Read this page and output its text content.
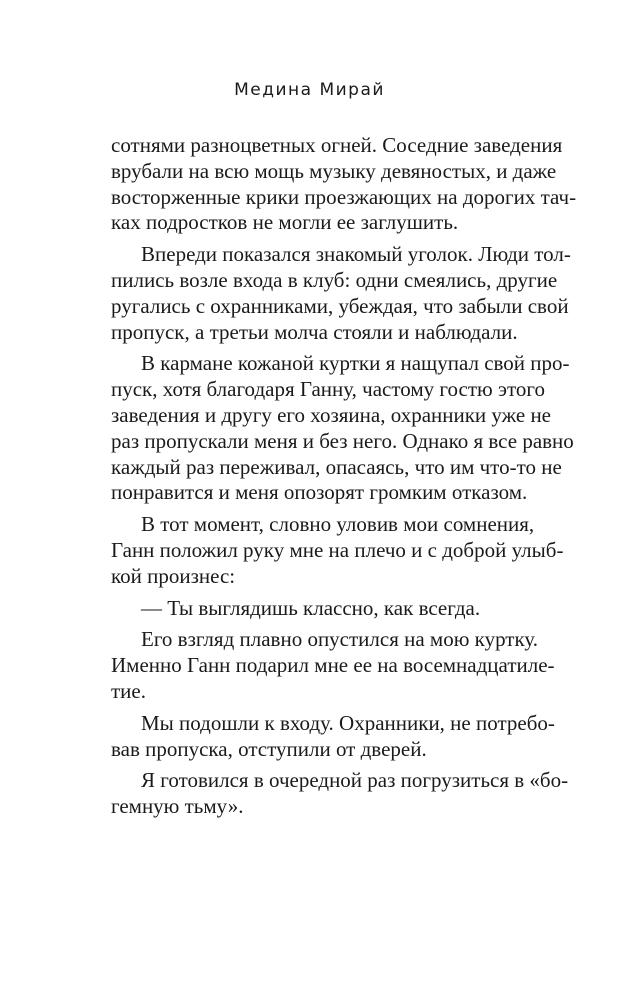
Медина Мирай
сотнями разноцветных огней. Соседние заведения
врубали на всю мощь музыку девяностых, и даже
восторженные крики проезжающих на дорогих тач-
ках подростков не могли ее заглушить.
Впереди показался знакомый уголок. Люди тол-
пились возле входа в клуб: одни смеялись, другие
ругались с охранниками, убеждая, что забыли свой
пропуск, а третьи молча стояли и наблюдали.
В кармане кожаной куртки я нащупал свой про-
пуск, хотя благодаря Ганну, частому гостю этого
заведения и другу его хозяина, охранники уже не
раз пропускали меня и без него. Однако я все равно
каждый раз переживал, опасаясь, что им что-то не
понравится и меня опозорят громким отказом.
В тот момент, словно уловив мои сомнения,
Ганн положил руку мне на плечо и с доброй улыб-
кой произнес:
— Ты выглядишь классно, как всегда.
Его взгляд плавно опустился на мою куртку.
Именно Ганн подарил мне ее на восемнадцатилe-
тие.
Мы подошли к входу. Охранники, не потребо-
вав пропуска, отступили от дверей.
Я готовился в очередной раз погрузиться в «бо-
гемную тьму».
